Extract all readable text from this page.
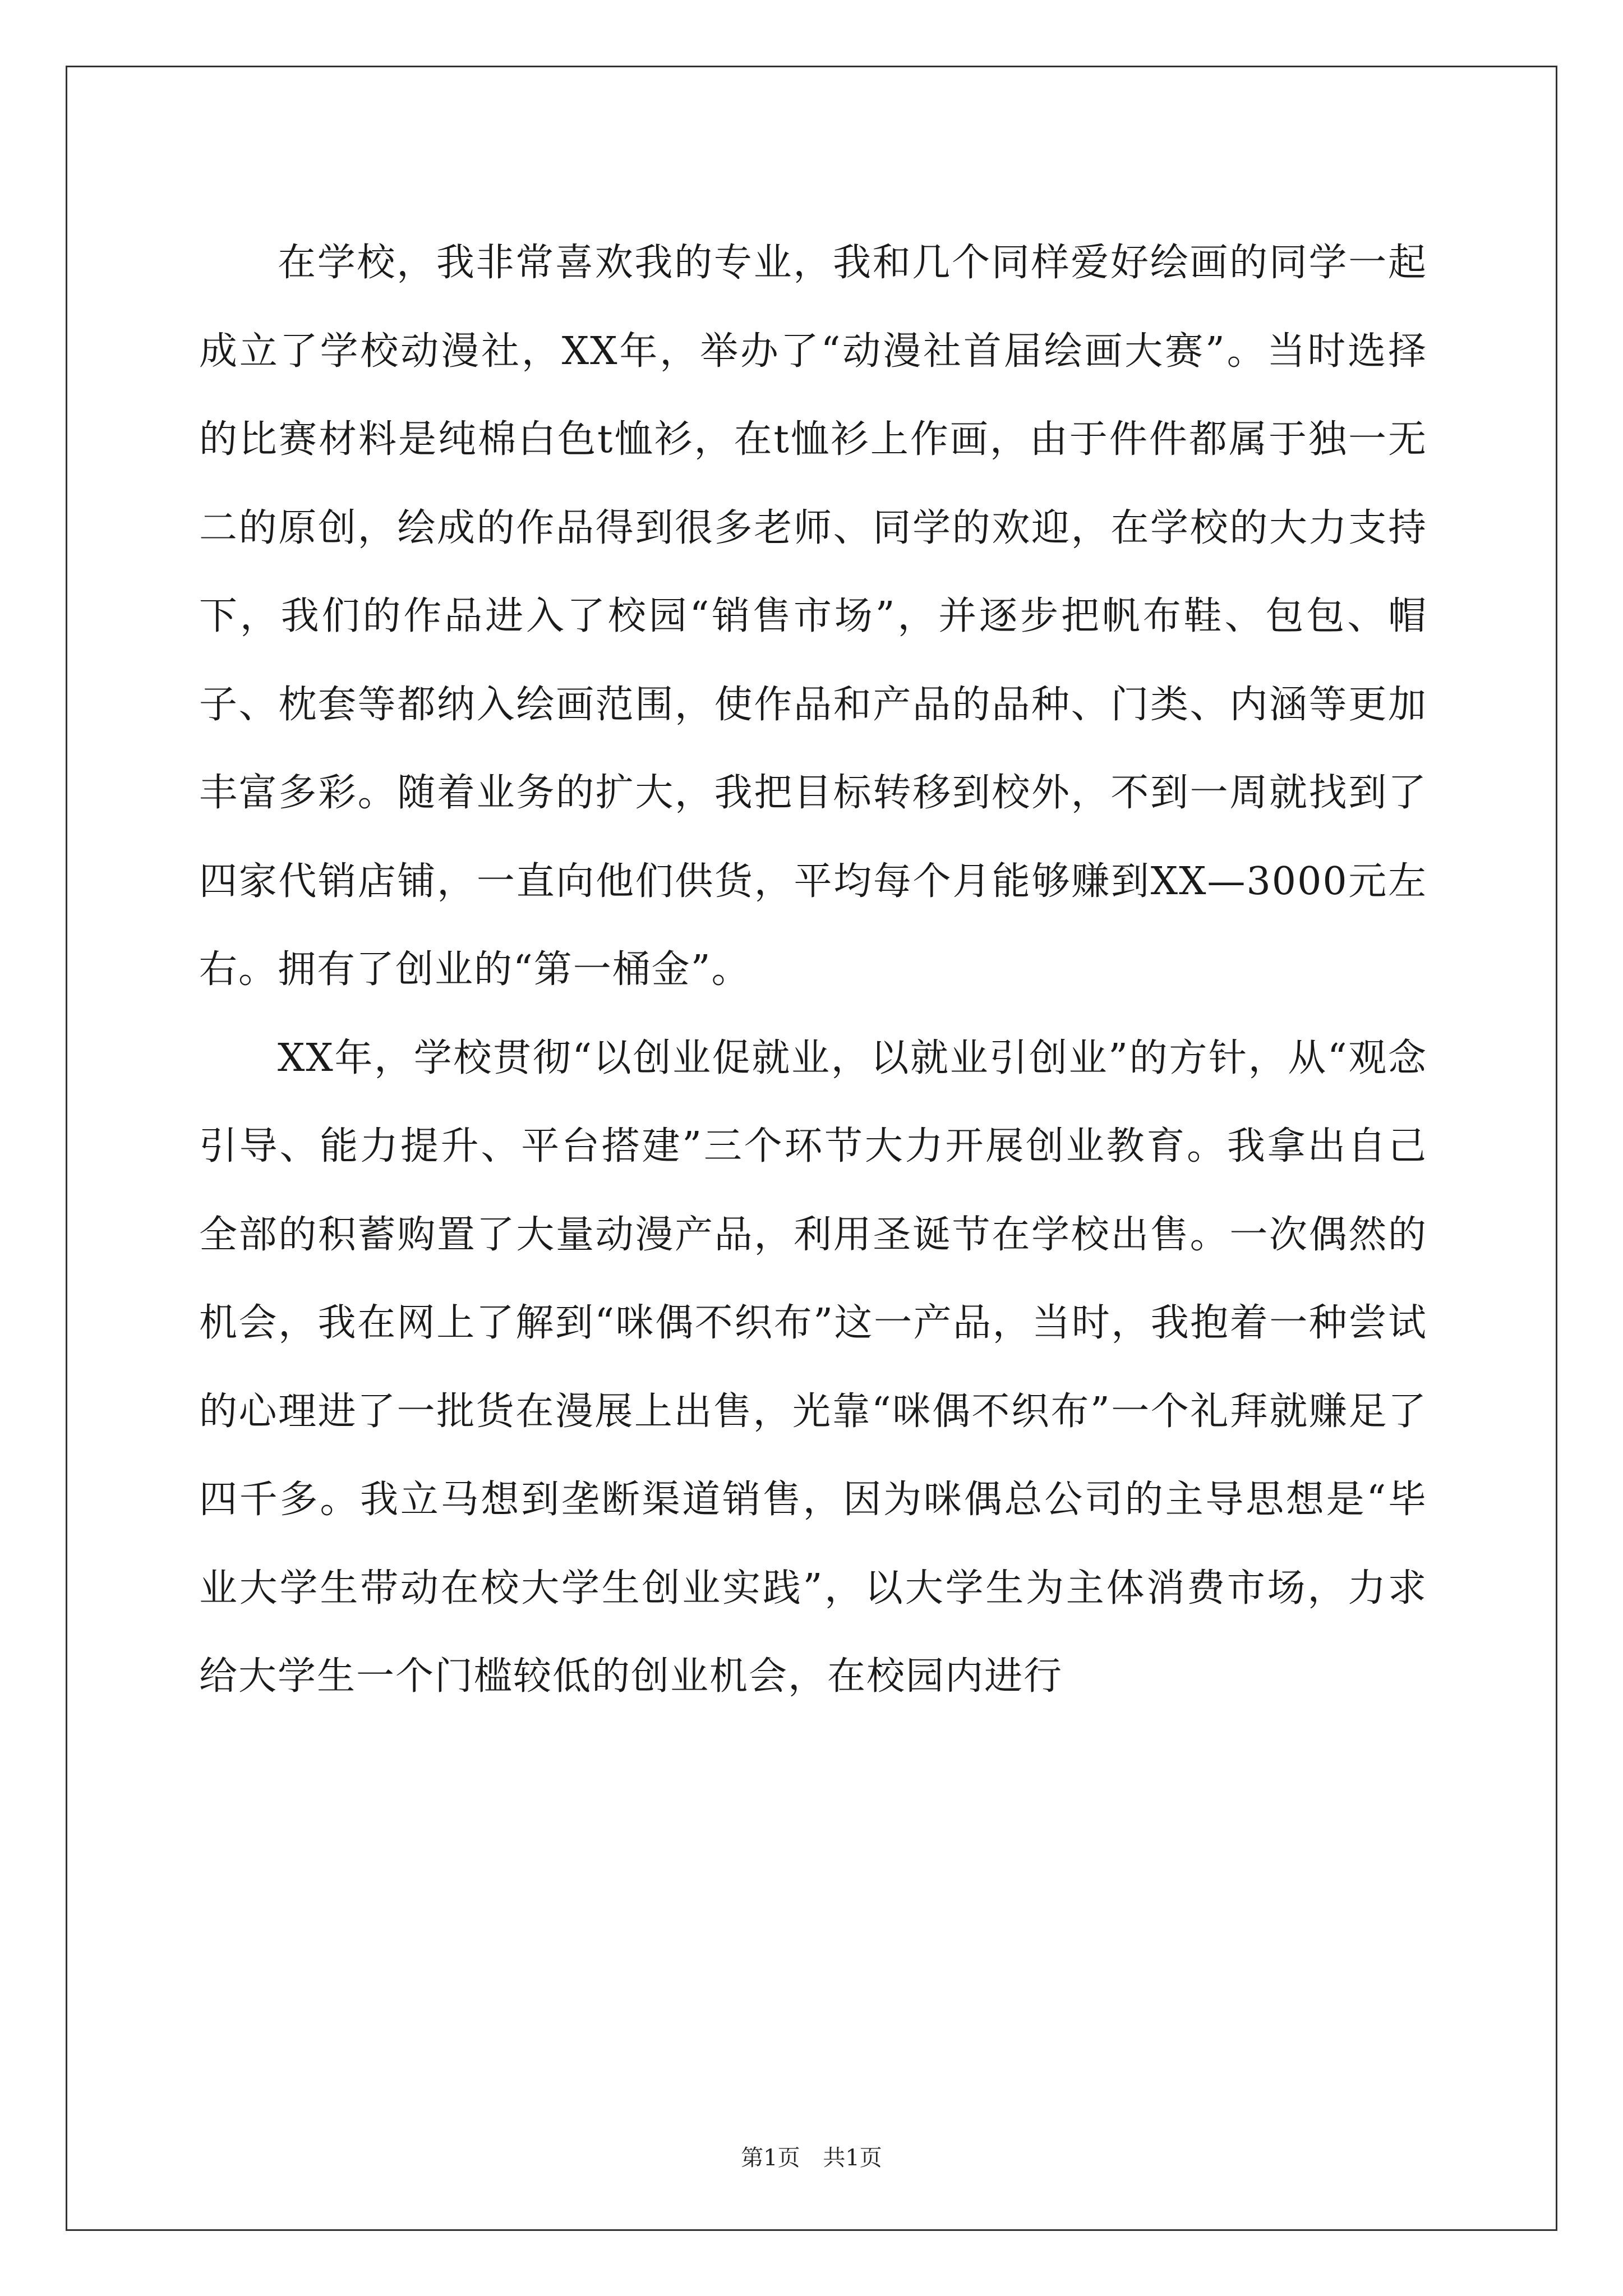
在学校，我非常喜欢我的专业，我和几个同样爱好绘画的同学一起成立了学校动漫社，XX年，举办了“动漫社首届绘画大赛”。当时选择的比赛材料是纯棉白色t恤衫，在t恤衫上作画，由于件件都属于独一无二的原创，绘成的作品得到很多老师、同学的欢迎，在学校的大力支持下，我们的作品进入了校园“销售市场”，并逐步把帆布鞋、包包、帽子、枕套等都纳入绘画范围，使作品和产品的品种、门类、内涵等更加丰富多彩。随着业务的扩大，我把目标转移到校外，不到一周就找到了四家代销店铺，一直向他们供货，平均每个月能够赚到XX—3000元左右。拥有了创业的“第一桶金”。

XX年，学校贯彻“以创业促就业，以就业引创业”的方针，从“观念引导、能力提升、平台搭建”三个环节大力开展创业教育。我拿出自己全部的积蓄购置了大量动漫产品，利用圣诞节在学校出售。一次偶然的机会，我在网上了解到“咪偶不织布”这一产品，当时，我抱着一种尝试的心理进了一批货在漫展上出售，光靠“咪偶不织布”一个礼拜就赚足了四千多。我立马想到垄断渠道销售，因为咪偶总公司的主导思想是“毕业大学生带动在校大学生创业实践”，以大学生为主体消费市场，力求给大学生一个门槛较低的创业机会，在校园内进行

第1页 共1页
